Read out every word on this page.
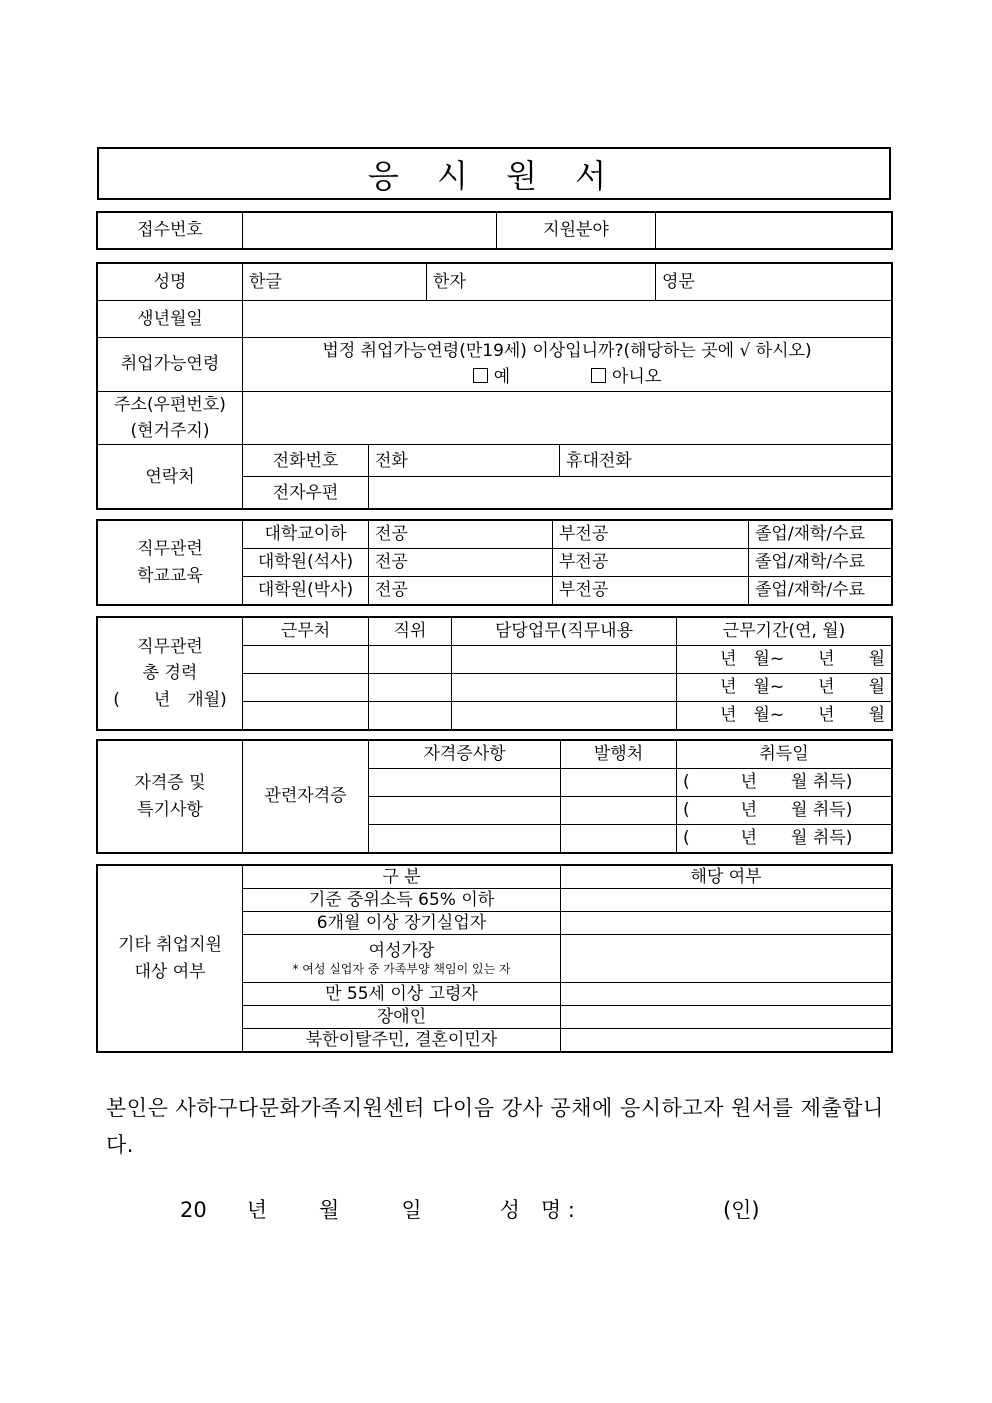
응 시 원 서
접수번호		지원분야	
성명	한글		한자		영문
생년월일					
취업가능연령	법정 취업가능연령(만19세) 이상입니까?(해당하는 곳에 √ 하시오)
예 아니오				

주소(우편번호)
(현거주지)					

연락처	전화번호	전화		휴대전화	
	전자우편				
직무관련
학교교육	대학교이하	전공	부전공	졸업/재학/수료
	대학원(석사)	전공	부전공	졸업/재학/수료
	대학원(박사)	전공	부전공	졸업/재학/수료
직무관련
총 경력
(　　년　개월)	근무처	직위	담당업무(직무내용	근무기간(연, 월)
				년　월~　　년　　월
				년　월~　　년　　월
				년　월~　　년　　월
자격증 및
특기사항	관련자격증	자격증사항	발행처	취득일
				(　　　년　　월 취득)
				(　　　년　　월 취득)
				(　　　년　　월 취득)
기타 취업지원
대상 여부	구 분	해당 여부
	기준 중위소득 65% 이하	
	6개월 이상 장기실업자	

	여성가장
* 여성 실업자 중 가족부양 책임이 있는 자	

	만 55세 이상 고령자	
	장애인	
	북한이탈주민, 결혼이민자	
본인은 사하구다문화가족지원센터 다이음 강사 공채에 응시하고자 원서를 제출합니다.
20 년 월	일	성　명 :	(인)
